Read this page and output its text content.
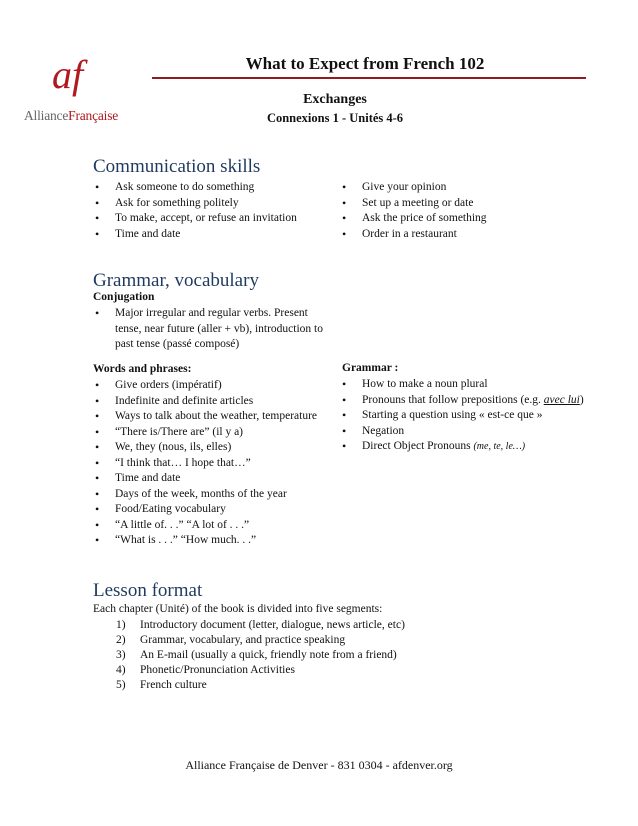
af
AllianceFrançaise
What to Expect from French 102
Exchanges
Connexions 1 - Unités 4-6
Communication skills
• Ask someone to do something
• Ask for something politely
• To make, accept, or refuse an invitation
• Time and date
• Give your opinion
• Set up a meeting or date
• Ask the price of something
• Order in a restaurant
Grammar, vocabulary
Conjugation
• Major irregular and regular verbs. Present tense, near future (aller + vb), introduction to past tense (passé composé)
Words and phrases:
• Give orders (impératif)
• Indefinite and definite articles
• Ways to talk about the weather, temperature
• “There is/There are” (il y a)
• We, they (nous, ils, elles)
• “I think that… I hope that…”
• Time and date
• Days of the week, months of the year
• Food/Eating vocabulary
• “A little of. . .” “A lot of . . .”
• “What is . . .” “How much. . .”
Grammar :
• How to make a noun plural
• Pronouns that follow prepositions (e.g. avec lui)
• Starting a question using « est-ce que »
• Negation
• Direct Object Pronouns (me, te, le…)
Lesson format
Each chapter (Unité) of the book is divided into five segments:
1) Introductory document (letter, dialogue, news article, etc)
2) Grammar, vocabulary, and practice speaking
3) An E-mail (usually a quick, friendly note from a friend)
4) Phonetic/Pronunciation Activities
5) French culture
Alliance Française de Denver - 831 0304 - afdenver.org
